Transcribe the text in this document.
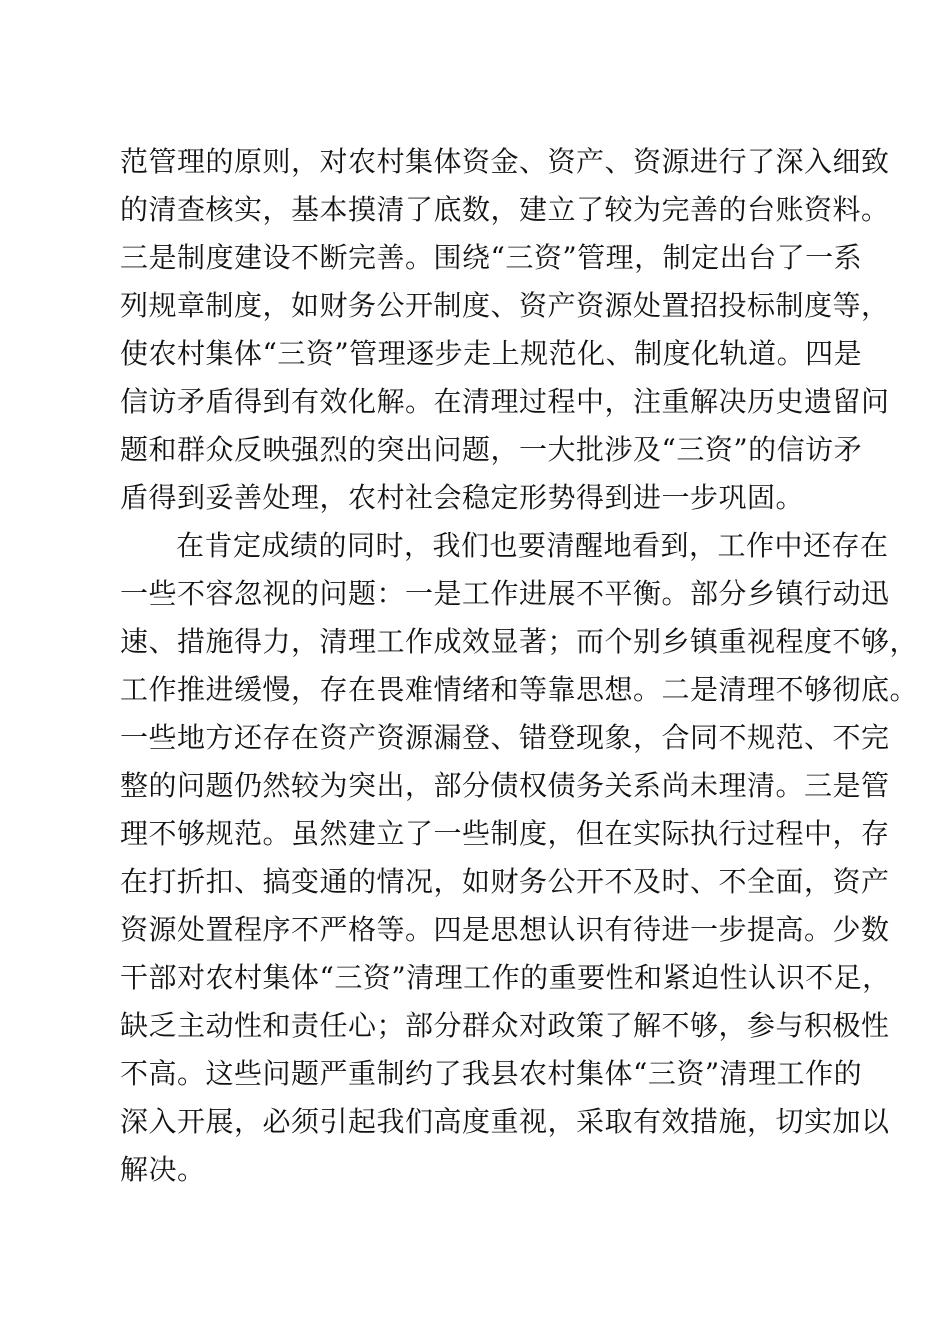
范管理的原则，对农村集体资金、资产、资源进行了深入细致
的清查核实，基本摸清了底数，建立了较为完善的台账资料。
三是制度建设不断完善。围绕“三资”管理，制定出台了一系
列规章制度，如财务公开制度、资产资源处置招投标制度等，
使农村集体“三资”管理逐步走上规范化、制度化轨道。四是
信访矛盾得到有效化解。在清理过程中，注重解决历史遗留问
题和群众反映强烈的突出问题，一大批涉及“三资”的信访矛
盾得到妥善处理，农村社会稳定形势得到进一步巩固。
在肯定成绩的同时，我们也要清醒地看到，工作中还存在
一些不容忽视的问题：一是工作进展不平衡。部分乡镇行动迅
速、措施得力，清理工作成效显著；而个别乡镇重视程度不够，
工作推进缓慢，存在畏难情绪和等靠思想。二是清理不够彻底。
一些地方还存在资产资源漏登、错登现象，合同不规范、不完
整的问题仍然较为突出，部分债权债务关系尚未理清。三是管
理不够规范。虽然建立了一些制度，但在实际执行过程中，存
在打折扣、搞变通的情况，如财务公开不及时、不全面，资产
资源处置程序不严格等。四是思想认识有待进一步提高。少数
干部对农村集体“三资”清理工作的重要性和紧迫性认识不足，
缺乏主动性和责任心；部分群众对政策了解不够，参与积极性
不高。这些问题严重制约了我县农村集体“三资”清理工作的
深入开展，必须引起我们高度重视，采取有效措施，切实加以
解决。
